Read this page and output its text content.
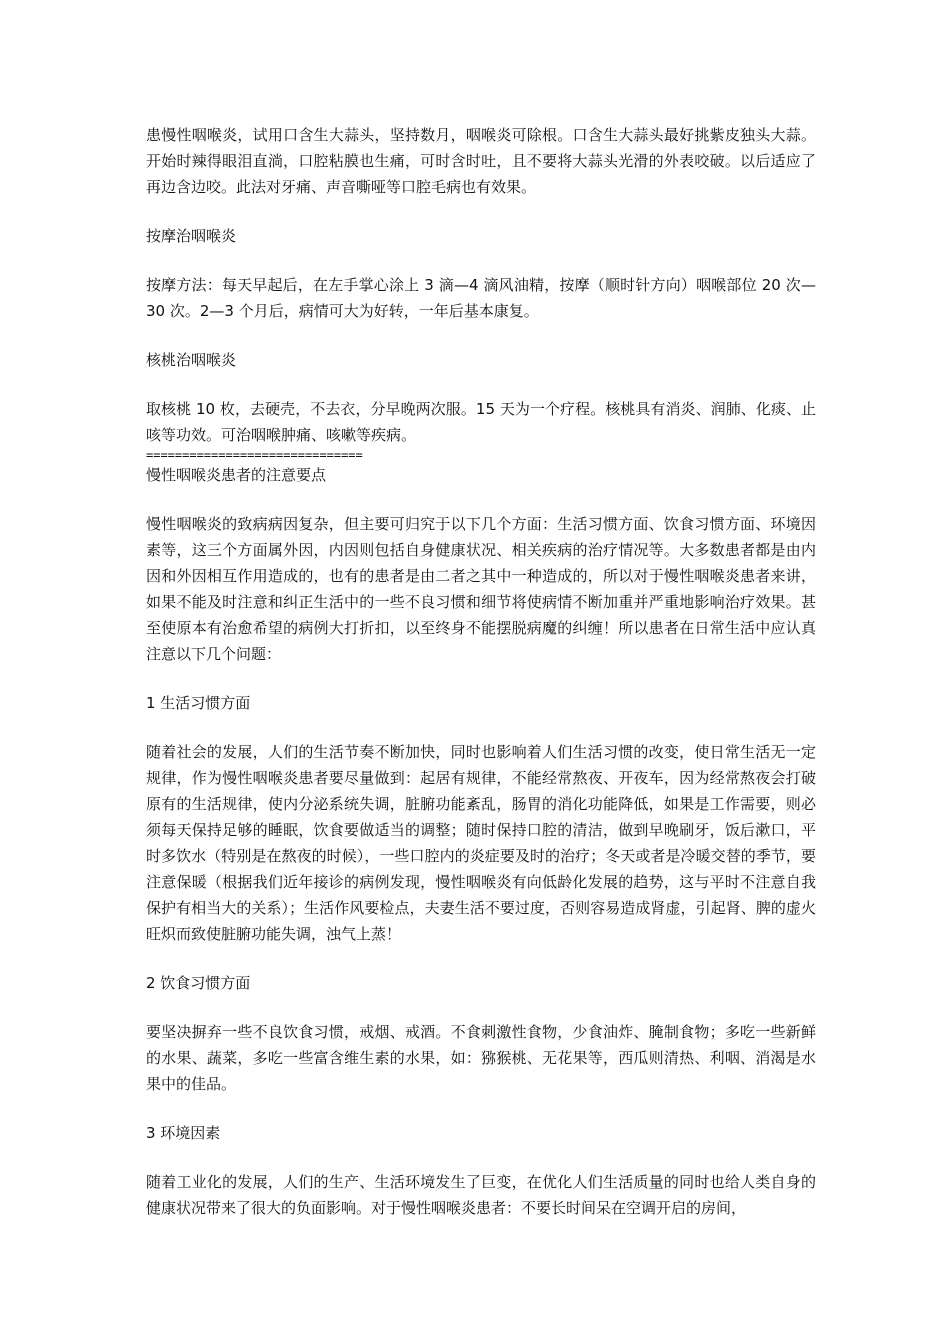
患慢性咽喉炎，试用口含生大蒜头，坚持数月，咽喉炎可除根。口含生大蒜头最好挑紫皮独头大蒜。开始时辣得眼泪直淌，口腔粘膜也生痛，可时含时吐，且不要将大蒜头光滑的外表咬破。以后适应了再边含边咬。此法对牙痛、声音嘶哑等口腔毛病也有效果。

按摩治咽喉炎

按摩方法：每天早起后，在左手掌心涂上 3 滴—4 滴风油精，按摩（顺时针方向）咽喉部位 20 次—30 次。2—3 个月后，病情可大为好转，一年后基本康复。

核桃治咽喉炎

取核桃 10 枚，去硬壳，不去衣，分早晚两次服。15 天为一个疗程。核桃具有消炎、润肺、化痰、止咳等功效。可治咽喉肿痛、咳嗽等疾病。

==============================

慢性咽喉炎患者的注意要点

慢性咽喉炎的致病病因复杂，但主要可归究于以下几个方面：生活习惯方面、饮食习惯方面、环境因素等，这三个方面属外因，内因则包括自身健康状况、相关疾病的治疗情况等。大多数患者都是由内因和外因相互作用造成的，也有的患者是由二者之其中一种造成的，所以对于慢性咽喉炎患者来讲，如果不能及时注意和纠正生活中的一些不良习惯和细节将使病情不断加重并严重地影响治疗效果。甚至使原本有治愈希望的病例大打折扣，以至终身不能摆脱病魔的纠缠！所以患者在日常生活中应认真注意以下几个问题：

1 生活习惯方面

随着社会的发展，人们的生活节奏不断加快，同时也影响着人们生活习惯的改变，使日常生活无一定规律，作为慢性咽喉炎患者要尽量做到：起居有规律，不能经常熬夜、开夜车，因为经常熬夜会打破原有的生活规律，使内分泌系统失调，脏腑功能紊乱，肠胃的消化功能降低，如果是工作需要，则必须每天保持足够的睡眠，饮食要做适当的调整；随时保持口腔的清洁，做到早晚刷牙，饭后漱口，平时多饮水（特别是在熬夜的时候），一些口腔内的炎症要及时的治疗；冬天或者是冷暖交替的季节，要注意保暖（根据我们近年接诊的病例发现，慢性咽喉炎有向低龄化发展的趋势，这与平时不注意自我保护有相当大的关系）；生活作风要检点，夫妻生活不要过度，否则容易造成肾虚，引起肾、脾的虚火旺炽而致使脏腑功能失调，浊气上蒸！

2 饮食习惯方面

要坚决摒弃一些不良饮食习惯，戒烟、戒酒。不食刺激性食物，少食油炸、腌制食物；多吃一些新鲜的水果、蔬菜，多吃一些富含维生素的水果，如：猕猴桃、无花果等，西瓜则清热、利咽、消渴是水果中的佳品。

3 环境因素

随着工业化的发展，人们的生产、生活环境发生了巨变，在优化人们生活质量的同时也给人类自身的健康状况带来了很大的负面影响。对于慢性咽喉炎患者：不要长时间呆在空调开启的房间，
